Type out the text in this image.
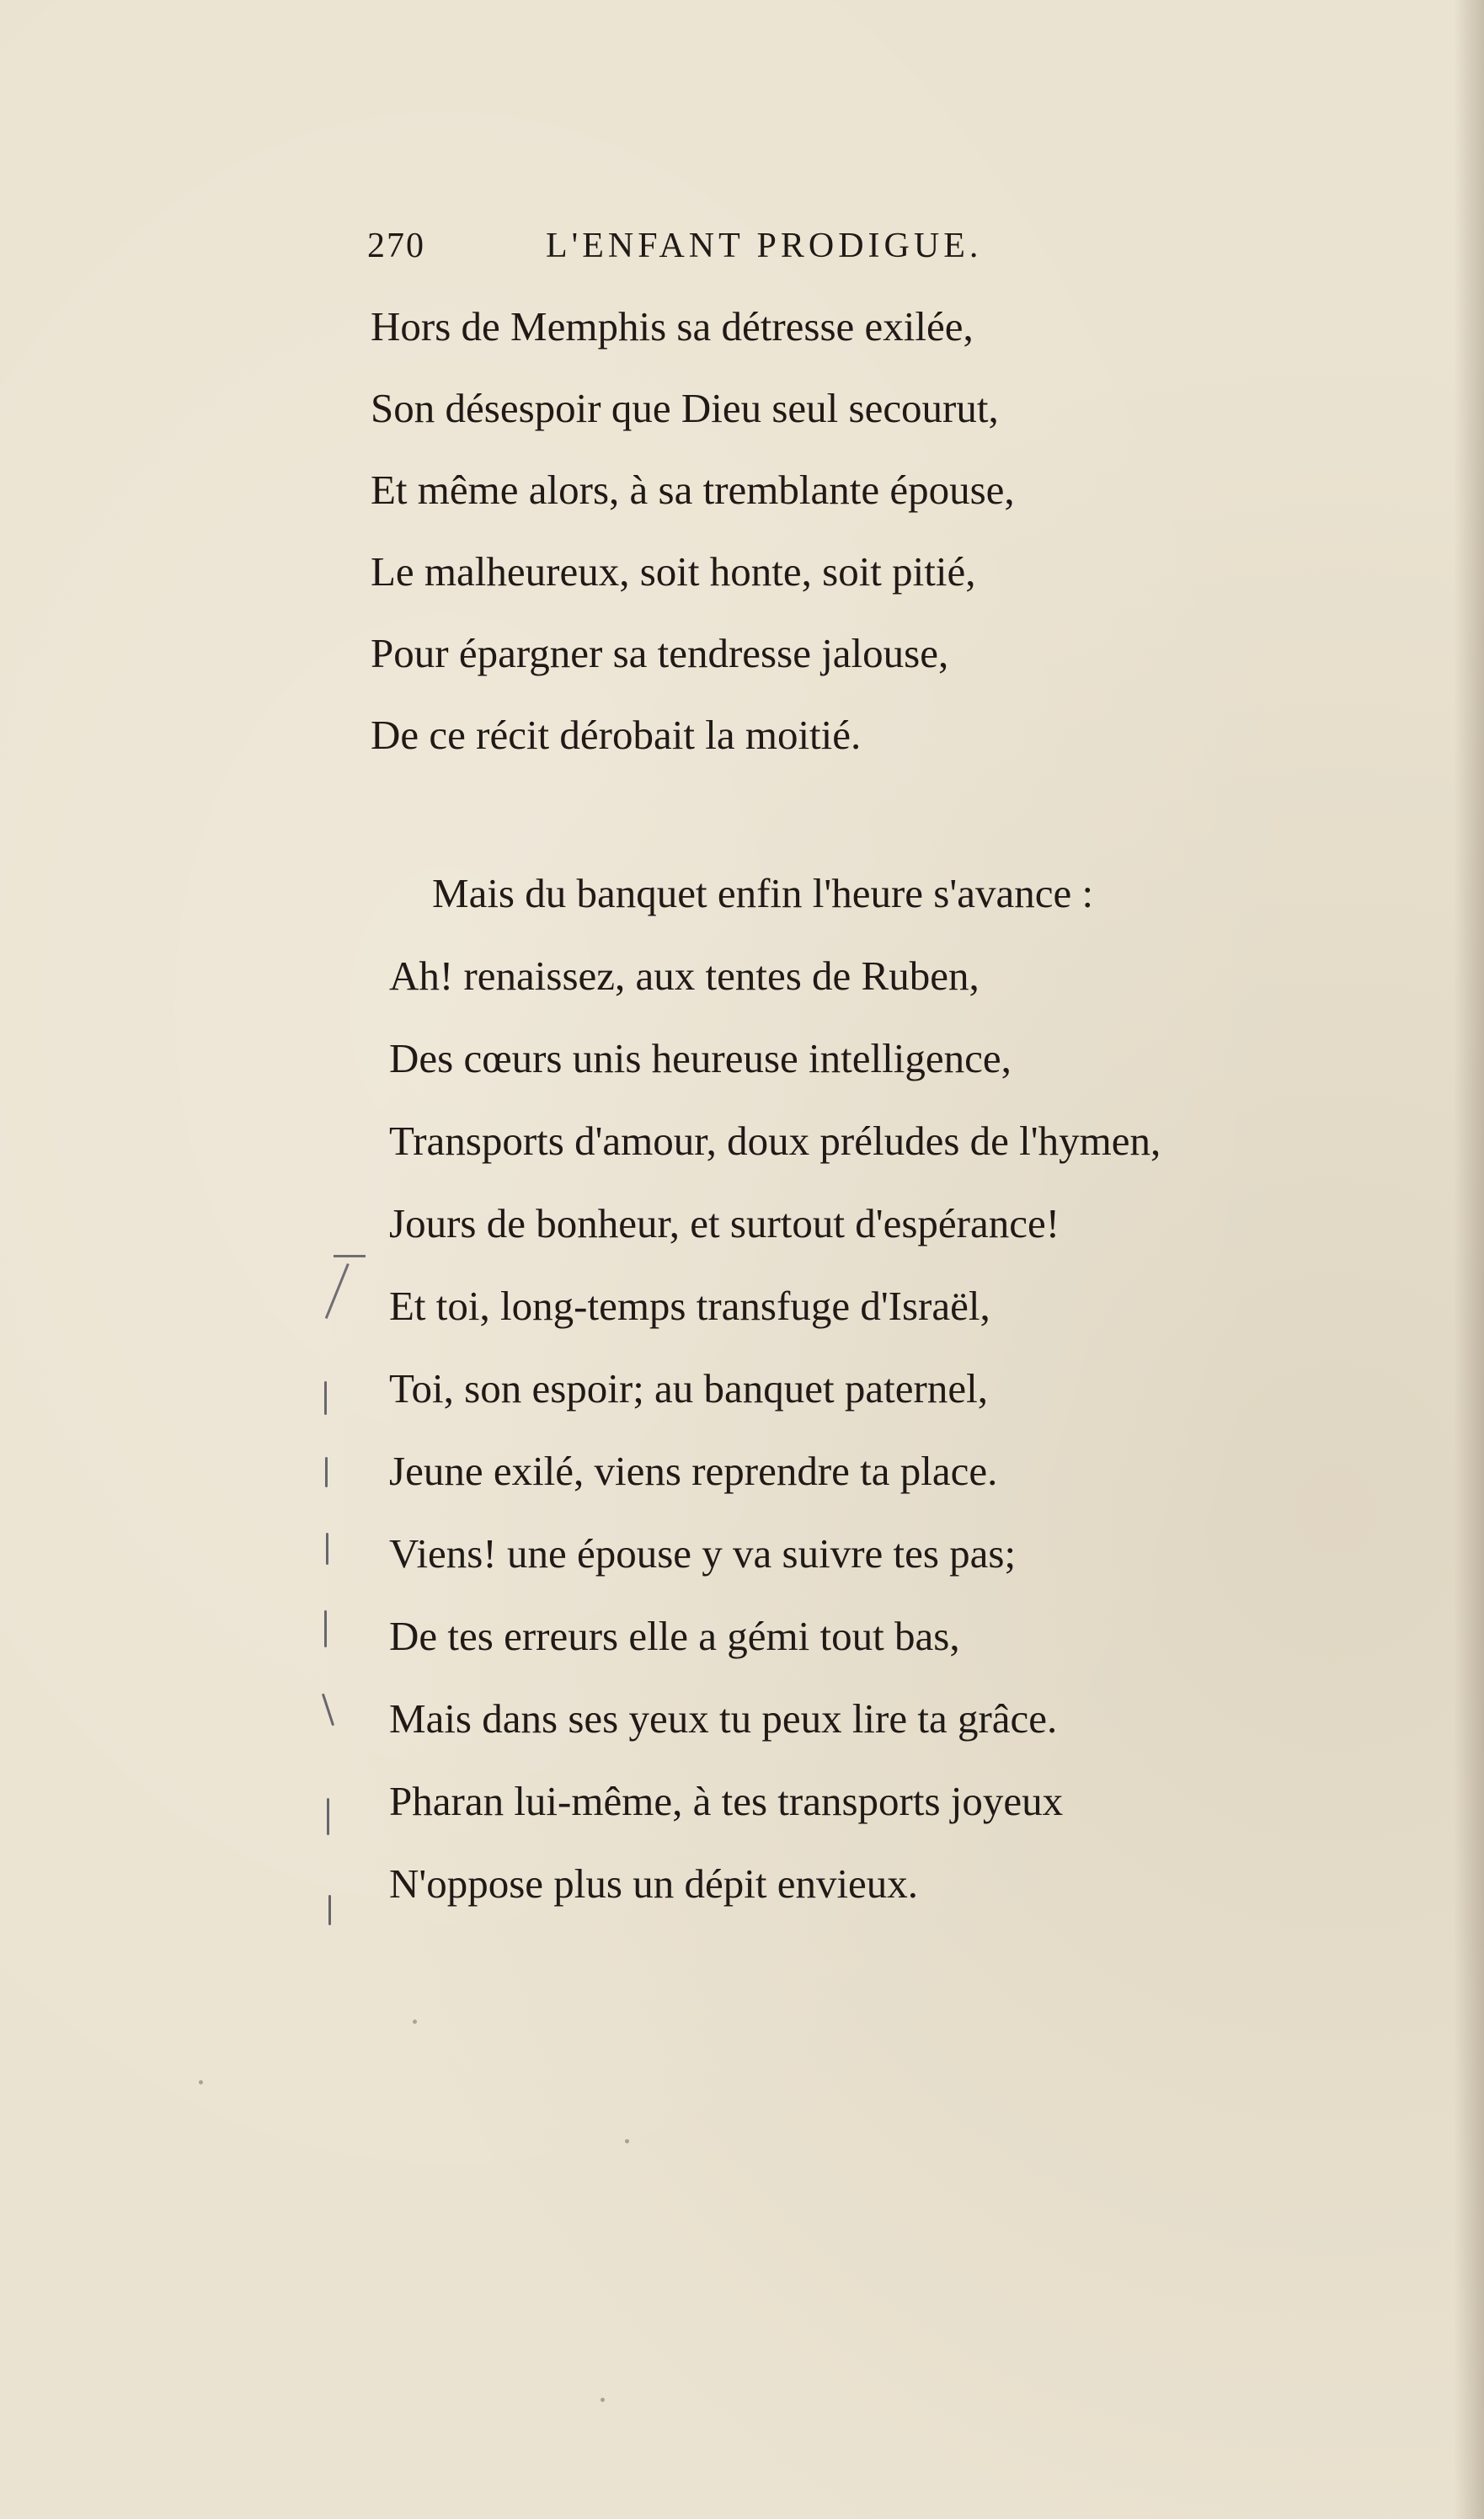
270	L'ENFANT PRODIGUE.
Hors de Memphis sa détresse exilée,
Son désespoir que Dieu seul secourut,
Et même alors, à sa tremblante épouse,
Le malheureux, soit honte, soit pitié,
Pour épargner sa tendresse jalouse,
De ce récit dérobait la moitié.
Mais du banquet enfin l'heure s'avance :
Ah! renaissez, aux tentes de Ruben,
Des cœurs unis heureuse intelligence,
Transports d'amour, doux préludes de l'hymen,
Jours de bonheur, et surtout d'espérance!
Et toi, long-temps transfuge d'Israël,
Toi, son espoir; au banquet paternel,
Jeune exilé, viens reprendre ta place.
Viens! une épouse y va suivre tes pas;
De tes erreurs elle a gémi tout bas,
Mais dans ses yeux tu peux lire ta grâce.
Pharan lui-même, à tes transports joyeux
N'oppose plus un dépit envieux.
